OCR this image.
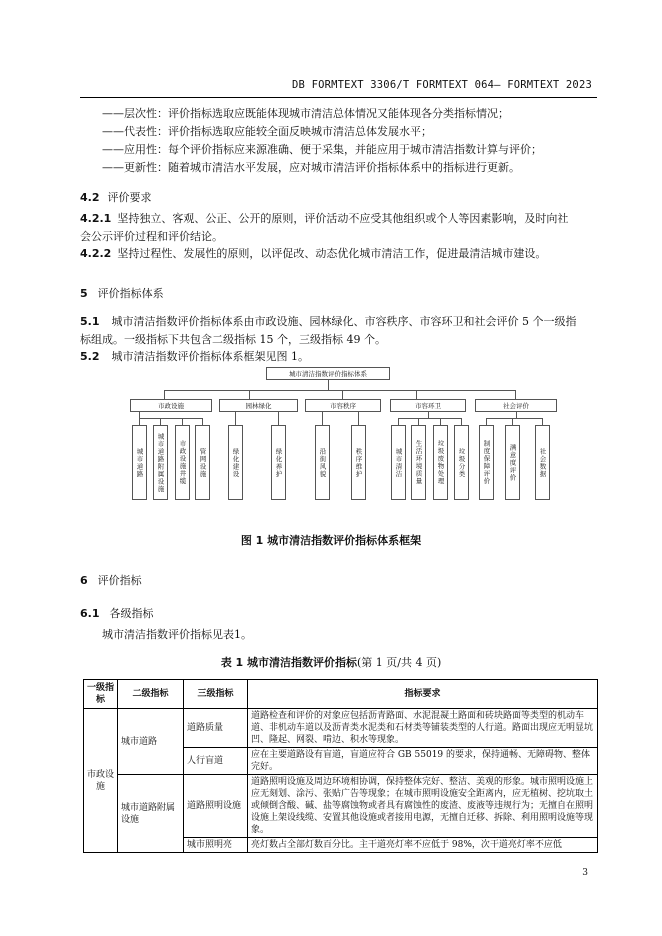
DB FORMTEXT 3306/T FORMTEXT 064— FORMTEXT 2023
——层次性：评价指标选取应既能体现城市清洁总体情况又能体现各分类指标情况；
——代表性：评价指标选取应能较全面反映城市清洁总体发展水平；
——应用性：每个评价指标应来源准确、便于采集，并能应用于城市清洁指数计算与评价；
——更新性：随着城市清洁水平发展，应对城市清洁评价指标体系中的指标进行更新。
4.2 评价要求
4.2.1 坚持独立、客观、公正、公开的原则，评价活动不应受其他组织或个人等因素影响，及时向社
会公示评价过程和评价结论。
4.2.2 坚持过程性、发展性的原则，以评促改、动态优化城市清洁工作，促进最清洁城市建设。
5 评价指标体系
5.1 城市清洁指数评价指标体系由市政设施、园林绿化、市容秩序、市容环卫和社会评价 5 个一级指
标组成。一级指标下共包含二级指标 15 个，三级指标 49 个。
5.2 城市清洁指数评价指标体系框架见图 1。
城市清洁指数评价指标体系
市政设施	园林绿化	市容秩序	市容环卫	社会评价
城市道路	城市道路附属设施	市政设施井缆	管网设施	绿化建设	绿化养护	沿街风貌	秩序维护	城市清洁	生活环境质量	垃圾废物处理	垃圾分类	制度保障评价	满意度评价	社会数据
图 1 城市清洁指数评价指标体系框架
6 评价指标
6.1 各级指标
城市清洁指数评价指标见表1。
表 1 城市清洁指数评价指标(第 1 页/共 4 页)
一级指标	二级指标	三级指标	指标要求
市政设施	城市道路	道路质量	道路检查和评价的对象应包括沥青路面、水泥混凝土路面和砖块路面等类型的机动车道、非机动车道以及沥青类水泥类和石材类等铺装类型的人行道。路面出现应无明显坑凹、隆起、网裂、啃边、积水等现象。
		人行盲道	应在主要道路设有盲道，盲道应符合 GB 55019 的要求，保持通畅、无障碍物、整体完好。
	城市道路附属设施	道路照明设施	道路照明设施及周边环境相协调，保持整体完好、整洁、美观的形象。城市照明设施上应无刻划、涂污、张贴广告等现象；在城市照明设施安全距离内，应无植树、挖坑取土或倾倒含酸、碱、盐等腐蚀物或者具有腐蚀性的废渣、废液等违规行为；无擅自在照明设施上架设线缆、安置其他设施或者接用电源，无擅自迁移、拆除、利用照明设施等现象。
		城市照明亮	亮灯数占全部灯数百分比。主干道亮灯率不应低于 98%，次干道亮灯率不应低
3
